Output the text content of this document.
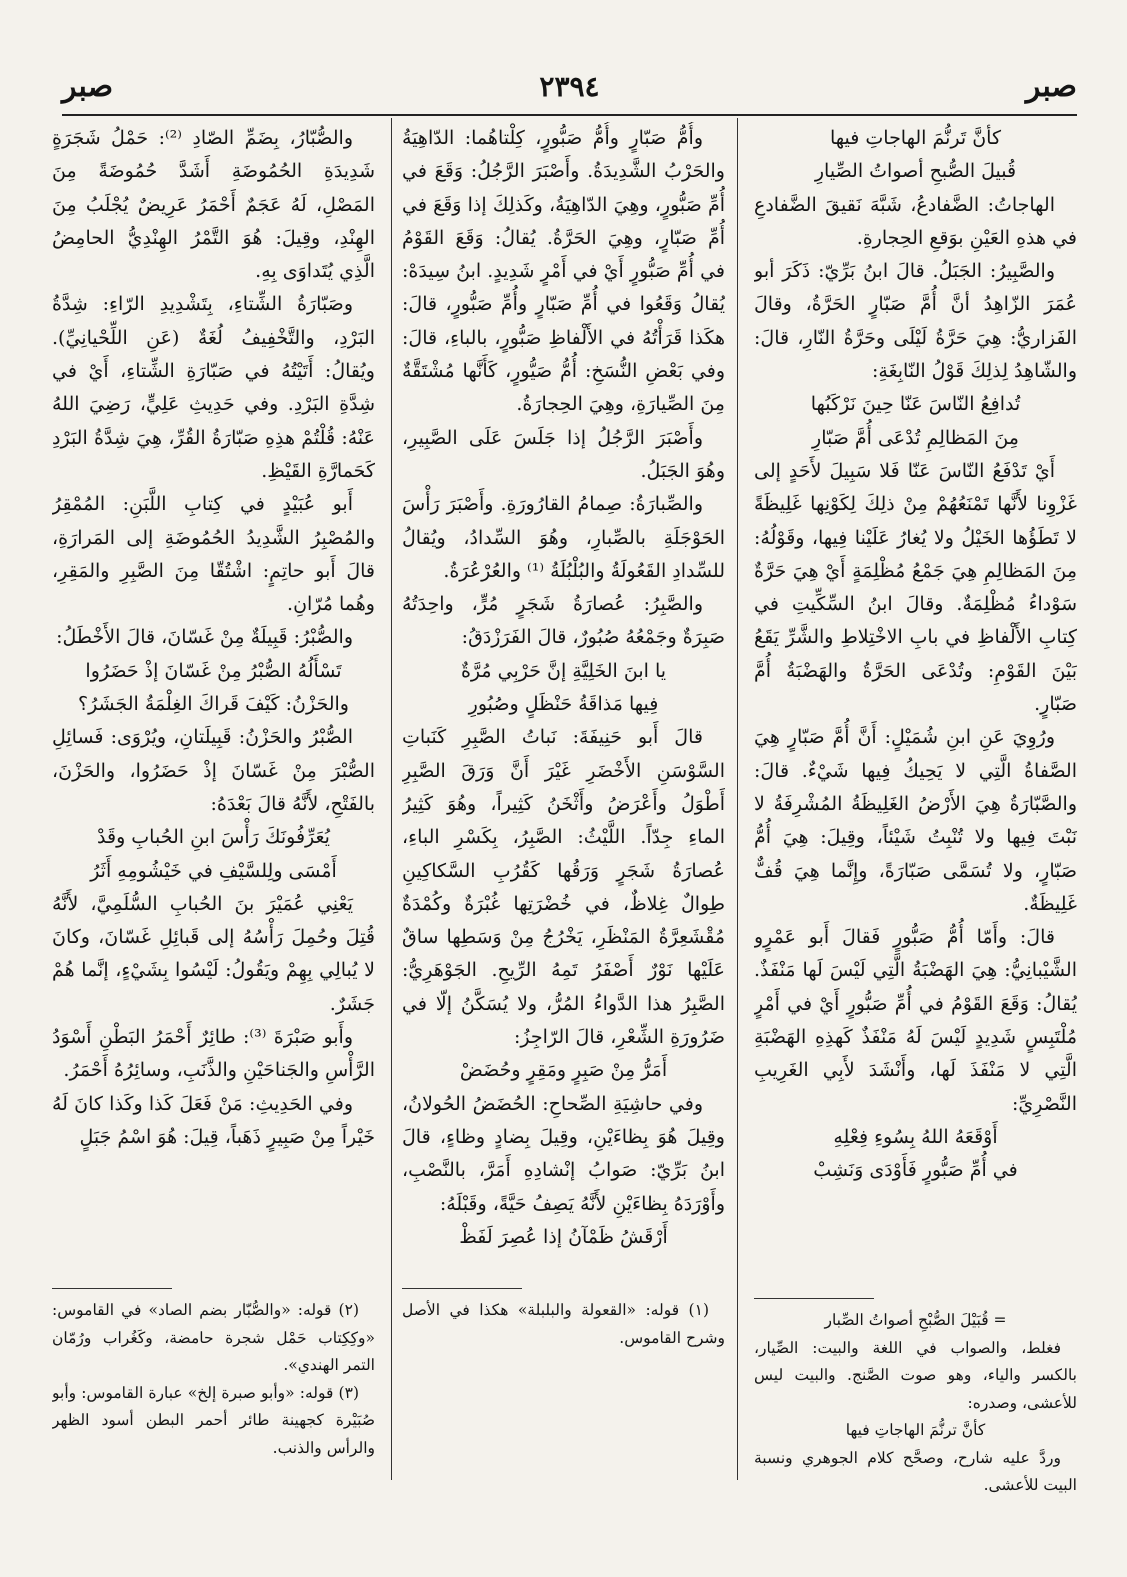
صبر
٢٣٩٤
صبر

كأنَّ تَرنُّمَ الهاجاتِ فيها

قُبيلَ الصُّبحِ أصواتُ الصِّيارِ

الهاجاتُ: الضَّفادعُ، شَبَّهَ نَقيقَ الضَّفادعِ في هذهِ العَيْنِ بوَقعِ الحِجارةِ.

والصَّبِيرُ: الجَبَلُ. قالَ ابنُ بَرِّيّ: ذَكَرَ أبو عُمَرَ الزّاهِدُ أنَّ أُمَّ صَبّارٍ الحَرَّةُ، وقالَ الفَزاريُّ: هِيَ حَرَّةُ لَيْلَى وحَرَّةُ النّارِ، قالَ: والشّاهِدُ لِذلِكَ قَوْلُ النّابِغَةِ:

تُدافِعُ النّاسَ عَنّا حِينَ نَرْكَبُها

مِنَ المَظالِمِ تُدْعَى أُمَّ صَبّارِ

أَيْ تَدْفَعُ النّاسَ عَنّا فَلا سَبِيلَ لأَحَدٍ إلى غَزْوِنا لأَنَّها تَمْنَعُهُمْ مِنْ ذلِكَ لِكَوْنِها غَلِيظَةً لا تَطَؤُها الخَيْلُ ولا يُغارُ عَلَيْنا فِيها، وقَوْلُهُ: مِنَ المَظالِمِ هِيَ جَمْعُ مُظْلِمَةٍ أَيْ هِيَ حَرَّةٌ سَوْداءُ مُظْلِمَةٌ. وقالَ ابنُ السِّكِّيتِ في كِتابِ الأَلْفاظِ في بابِ الاخْتِلاطِ والشَّرِّ يَقَعُ بَيْنَ القَوْمِ: وتُدْعَى الحَرَّةُ والهَضْبَةُ أُمَّ صَبّارٍ.

ورُوِيَ عَنِ ابنِ شُمَيْلٍ: أَنَّ أُمَّ صَبّارٍ هِيَ الصَّفاةُ الَّتِي لا يَحِيكُ فِيها شَيْءٌ. قالَ: والصَّبّارَةُ هِيَ الأَرْضُ الغَلِيظَةُ المُشْرِفَةُ لا نَبْتَ فِيها ولا تُنْبِتُ شَيْئاً، وقِيلَ: هِيَ أُمُّ صَبّارٍ، ولا تُسَمَّى صَبّارَةً، وإِنَّما هِيَ قُفٌّ غَلِيظَةٌ.

قالَ: وأَمّا أُمُّ صَبُّورٍ فَقالَ أَبو عَمْرٍو الشَّيْبانِيُّ: هِيَ الهَضْبَةُ الَّتِي لَيْسَ لَها مَنْفَذٌ. يُقالُ: وَقَعَ القَوْمُ في أُمِّ صَبُّورٍ أَيْ في أَمْرٍ مُلْتَبِسٍ شَدِيدٍ لَيْسَ لَهُ مَنْفَذٌ كَهذِهِ الهَضْبَةِ الَّتِي لا مَنْفَذَ لَها، وأَنْشَدَ لأَبِي الغَرِيبِ النَّصْرِيِّ:

أَوْقَعَهُ اللهُ بِسُوءِ فِعْلِهِ

في أُمِّ صَبُّورٍ فَأَوْدَى وَنَشِبْ

= قُبَيْلَ الصُّبْحِ أصواتُ الصِّبار

فغلط، والصواب في اللغة والبيت: الصِّيار، بالكسر والياء، وهو صوت الصَّنج. والبيت ليس للأعشى، وصدره:

كأنَّ ترنُّمَ الهاجاتِ فيها

وردَّ عليه شارح، وصحَّح كلام الجوهري ونسبة البيت للأعشى.

وأُمُّ صَبّارٍ وأُمُّ صَبُّورٍ، كِلْتاهُما: الدّاهِيَةُ والحَرْبُ الشَّدِيدَةُ. وأَصْبَرَ الرَّجُلُ: وَقَعَ في أُمِّ صَبُّورٍ، وهِيَ الدّاهِيَةُ، وكَذلِكَ إذا وَقَعَ في أُمِّ صَبّارٍ، وهِيَ الحَرَّةُ. يُقالُ: وَقَعَ القَوْمُ في أُمِّ صَبُّورٍ أَيْ في أَمْرٍ شَدِيدٍ. ابنُ سِيدَهْ: يُقالُ وَقَعُوا في أُمِّ صَبّارٍ وأُمِّ صَبُّورٍ، قالَ: هكَذا قَرَأْتُهُ في الأَلْفاظِ صَبُّورٍ، بالباءِ، قالَ: وفي بَعْضِ النُّسَخِ: أُمُّ صَيُّورٍ، كَأَنَّها مُشْتَقَّةٌ مِنَ الصِّيارَةِ، وهِيَ الحِجارَةُ.

وأَصْبَرَ الرَّجُلُ إذا جَلَسَ عَلَى الصَّبِيرِ، وهُوَ الجَبَلُ.

والصِّبارَةُ: صِمامُ القارُورَةِ. وأَصْبَرَ رَأْسَ الحَوْجَلَةِ بالصِّبارِ، وهُوَ السِّدادُ، ويُقالُ للسِّدادِ القَعُولَةُ والبُلْبُلَةُ ⁽¹⁾ والعُرْعُرَةُ.

والصَّبِرُ: عُصارَةُ شَجَرٍ مُرٍّ، واحِدَتُهُ صَبِرَةٌ وجَمْعُهُ صُبُورٌ، قالَ الفَرَزْدَقُ:

يا ابنَ الخَلِيَّةِ إنَّ حَرْبِي مُرَّةٌ

فِيها مَذاقَةُ حَنْظَلٍ وصُبُورِ

قالَ أَبو حَنِيفَةَ: نَباتُ الصَّبِرِ كَنَباتِ السَّوْسَنِ الأَخْضَرِ غَيْرَ أَنَّ وَرَقَ الصَّبِرِ أَطْوَلُ وأَعْرَضُ وأَثْخَنُ كَثِيراً، وهُوَ كَثِيرُ الماءِ جِدّاً. اللَّيْثُ: الصَّبِرُ، بِكَسْرِ الباءِ، عُصارَةُ شَجَرٍ وَرَقُها كَقُرُبِ السَّكاكِينِ طِوالٌ غِلاظٌ، في خُضْرَتِها غُبْرَةٌ وكُمْدَةٌ مُقْشَعِرَّةُ المَنْظَرِ، يَخْرُجُ مِنْ وَسَطِها ساقٌ عَلَيْها نَوْرٌ أَصْفَرُ تَمِهُ الرِّيحِ. الجَوْهَرِيُّ: الصَّبِرُ هذا الدَّواءُ المُرُّ، ولا يُسَكَّنُ إلّا في ضَرُورَةِ الشِّعْرِ، قالَ الرّاجِزُ:

أَمَرُّ مِنْ صَبِرٍ ومَقِرٍ وحُضَضْ

وفي حاشِيَةِ الصِّحاحِ: الحُضَضُ الحُولانُ، وقِيلَ هُوَ بِظاءَيْنِ، وقِيلَ بِضادٍ وظاءٍ، قالَ ابنُ بَرِّيّ: صَوابُ إنْشادِهِ أَمَرَّ، بالنَّصْبِ، وأَوْرَدَهُ بِظاءَيْنِ لأَنَّهُ يَصِفُ حَيَّةً، وقَبْلَهُ:

أَرْقَشُ ظَمْآنُ إذا عُصِرَ لَفَظْ

(١) قوله: «القعولة والبلبلة» هكذا في الأصل وشرح القاموس.

والصُّبّارُ، بِضَمِّ الصّادِ ⁽²⁾: حَمْلُ شَجَرَةٍ شَدِيدَةِ الحُمُوضَةِ أَشَدَّ حُمُوضَةً مِنَ المَصْلِ، لَهُ عَجَمٌ أَحْمَرُ عَرِيضٌ يُجْلَبُ مِنَ الهِنْدِ، وقِيلَ: هُوَ التَّمْرُ الهِنْدِيُّ الحامِضُ الَّذِي يُتَداوَى بِهِ.

وصَبّارَةُ الشِّتاءِ، بِتَشْدِيدِ الرّاءِ: شِدَّةُ البَرْدِ، والتَّخْفِيفُ لُغَةٌ (عَنِ اللِّحْيانِيِّ). ويُقالُ: أَتَيْتُهُ في صَبّارَةِ الشِّتاءِ، أَيْ في شِدَّةِ البَرْدِ. وفي حَدِيثِ عَلِيٍّ، رَضِيَ اللهُ عَنْهُ: قُلْتُمْ هذِهِ صَبّارَةُ القُرِّ، هِيَ شِدَّةُ البَرْدِ كَحَمارَّةِ القَيْظِ.

أَبو عُبَيْدٍ في كِتابِ اللَّبَنِ: المُمْقِرُ والمُصْبِرُ الشَّدِيدُ الحُمُوضَةِ إلى المَرارَةِ، قالَ أَبو حاتِمٍ: اشْتُقّا مِنَ الصَّبِرِ والمَقِرِ، وهُما مُرّانِ.

والصُّبْرُ: قَبِيلَةٌ مِنْ غَسّانَ، قالَ الأَخْطَلُ:

تَسْأَلُهُ الصُّبْرُ مِنْ غَسّانَ إذْ حَضَرُوا

والحَزْنُ: كَيْفَ قَراكَ الغِلْمَةُ الجَشَرُ؟

الصُّبْرُ والحَزْنُ: قَبِيلَتانِ، ويُرْوَى: فَسائِلِ الصُّبْرَ مِنْ غَسّانَ إذْ حَضَرُوا، والحَزْنَ، بالفَتْحِ، لأَنَّهُ قالَ بَعْدَهُ:

يُعَرِّفُونَكَ رَأْسَ ابنِ الحُبابِ وقَدْ

أَمْسَى ولِلسَّيْفِ في خَيْشُومِهِ أَثَرُ

يَعْنِي عُمَيْرَ بنَ الحُبابِ السُّلَمِيَّ، لأَنَّهُ قُتِلَ وحُمِلَ رَأْسُهُ إلى قَبائِلِ غَسّانَ، وكانَ لا يُبالِي بِهِمْ ويَقُولُ: لَيْسُوا بِشَيْءٍ، إنَّما هُمْ جَشَرٌ.

وأَبو صَبْرَةَ ⁽³⁾: طائِرٌ أَحْمَرُ البَطْنِ أَسْوَدُ الرَّأْسِ والجَناحَيْنِ والذَّنَبِ، وسائِرُهُ أَحْمَرُ.

وفي الحَدِيثِ: مَنْ فَعَلَ كَذا وكَذا كانَ لَهُ خَيْراً مِنْ صَبِيرٍ ذَهَباً، قِيلَ: هُوَ اسْمُ جَبَلٍ

(٢) قوله: «والصُّبّار بضم الصاد» في القاموس: «وكِكِتاب حَمْل شجرة حامضة، وكَغُراب ورُمّان التمر الهندي».

(٣) قوله: «وأبو صبرة إلخ» عبارة القاموس: وأبو صُبَيْرة كجهينة طائر أحمر البطن أسود الظهر والرأس والذنب.
